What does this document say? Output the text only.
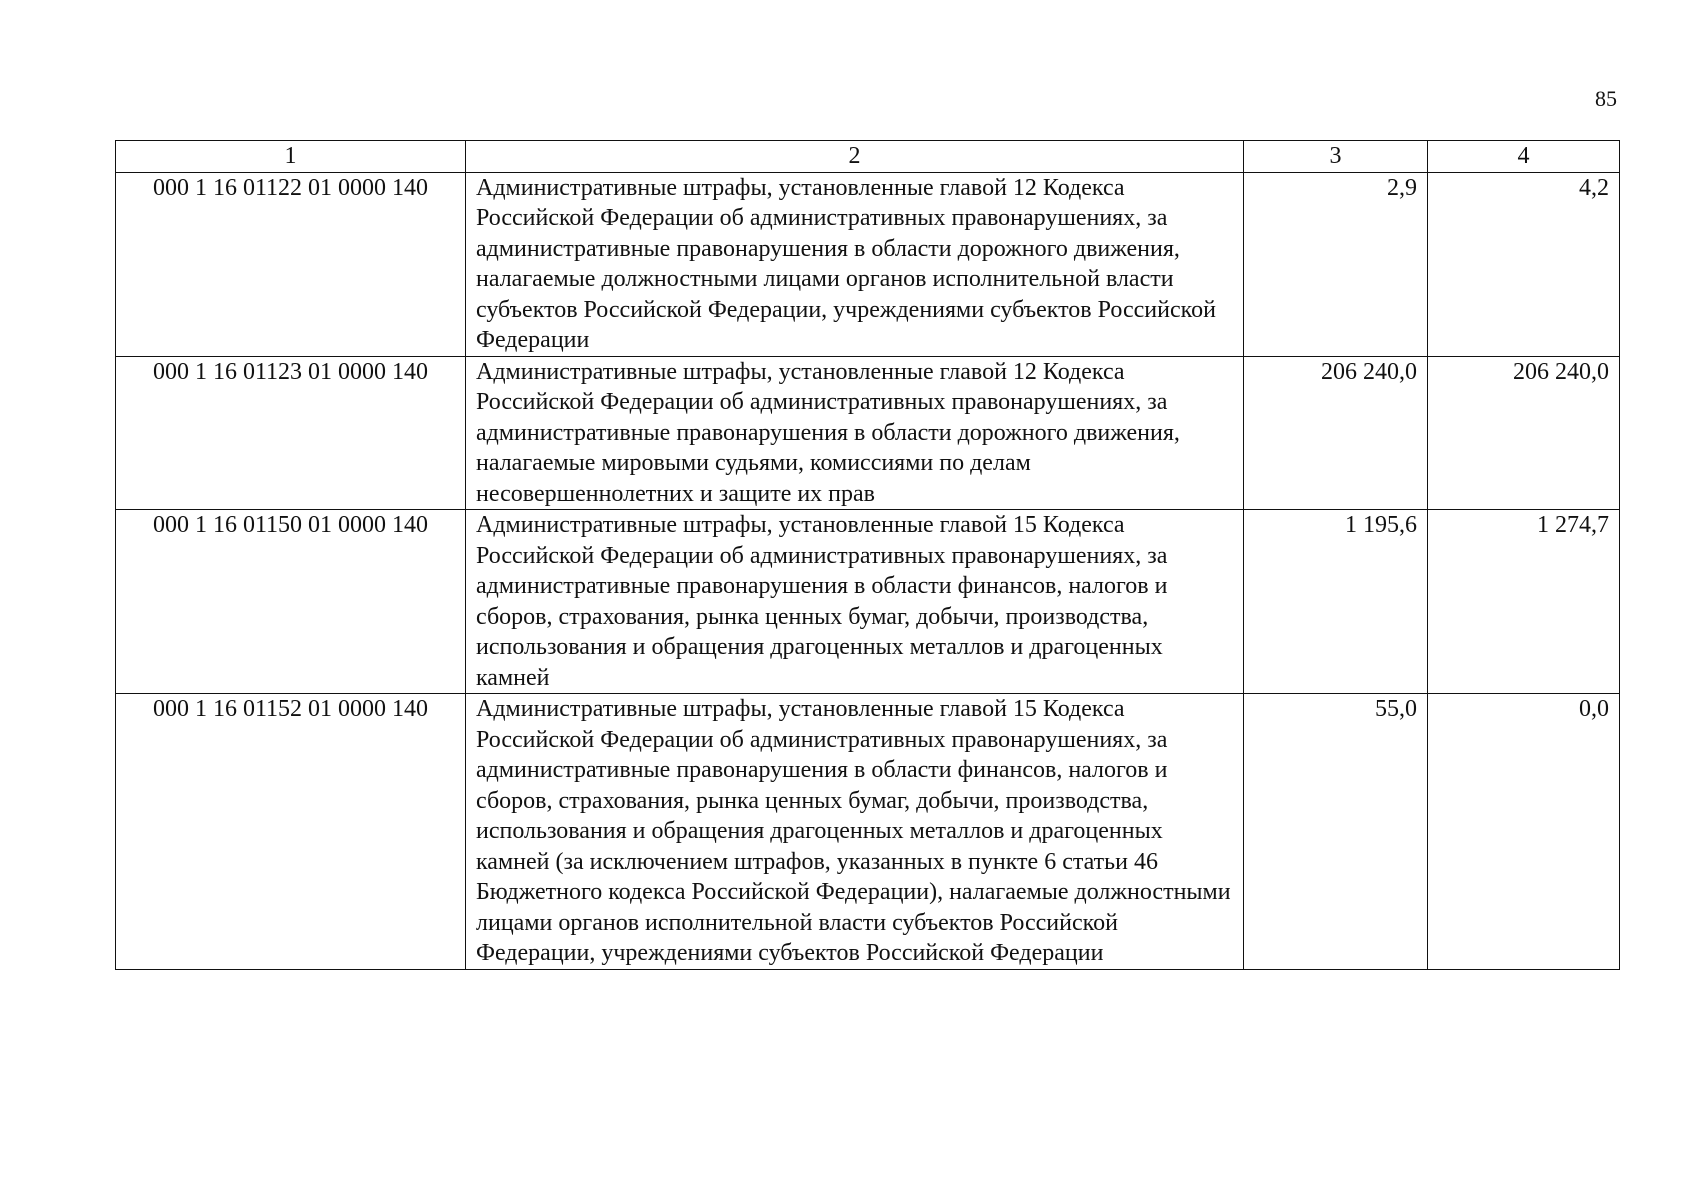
85
1	2	3	4
000 1 16 01122 01 0000 140	Административные штрафы, установленные главой 12 Кодекса Российской Федерации об административных правонарушениях, за административные правонарушения в области дорожного движения, налагаемые должностными лицами органов исполнительной власти субъектов Российской Федерации, учреждениями субъектов Российской Федерации	2,9	4,2
000 1 16 01123 01 0000 140	Административные штрафы, установленные главой 12 Кодекса Российской Федерации об административных правонарушениях, за административные правонарушения в области дорожного движения, налагаемые мировыми судьями, комиссиями по делам несовершеннолетних и защите их прав	206 240,0	206 240,0
000 1 16 01150 01 0000 140	Административные штрафы, установленные главой 15 Кодекса Российской Федерации об административных правонарушениях, за административные правонарушения в области финансов, налогов и сборов, страхования, рынка ценных бумаг, добычи, производства, использования и обращения драгоценных металлов и драгоценных камней	1 195,6	1 274,7
000 1 16 01152 01 0000 140	Административные штрафы, установленные главой 15 Кодекса Российской Федерации об административных правонарушениях, за административные правонарушения в области финансов, налогов и сборов, страхования, рынка ценных бумаг, добычи, производства, использования и обращения драгоценных металлов и драгоценных камней (за исключением штрафов, указанных в пункте 6 статьи 46 Бюджетного кодекса Российской Федерации), налагаемые должностными лицами органов исполнительной власти субъектов Российской Федерации, учреждениями субъектов Российской Федерации	55,0	0,0
